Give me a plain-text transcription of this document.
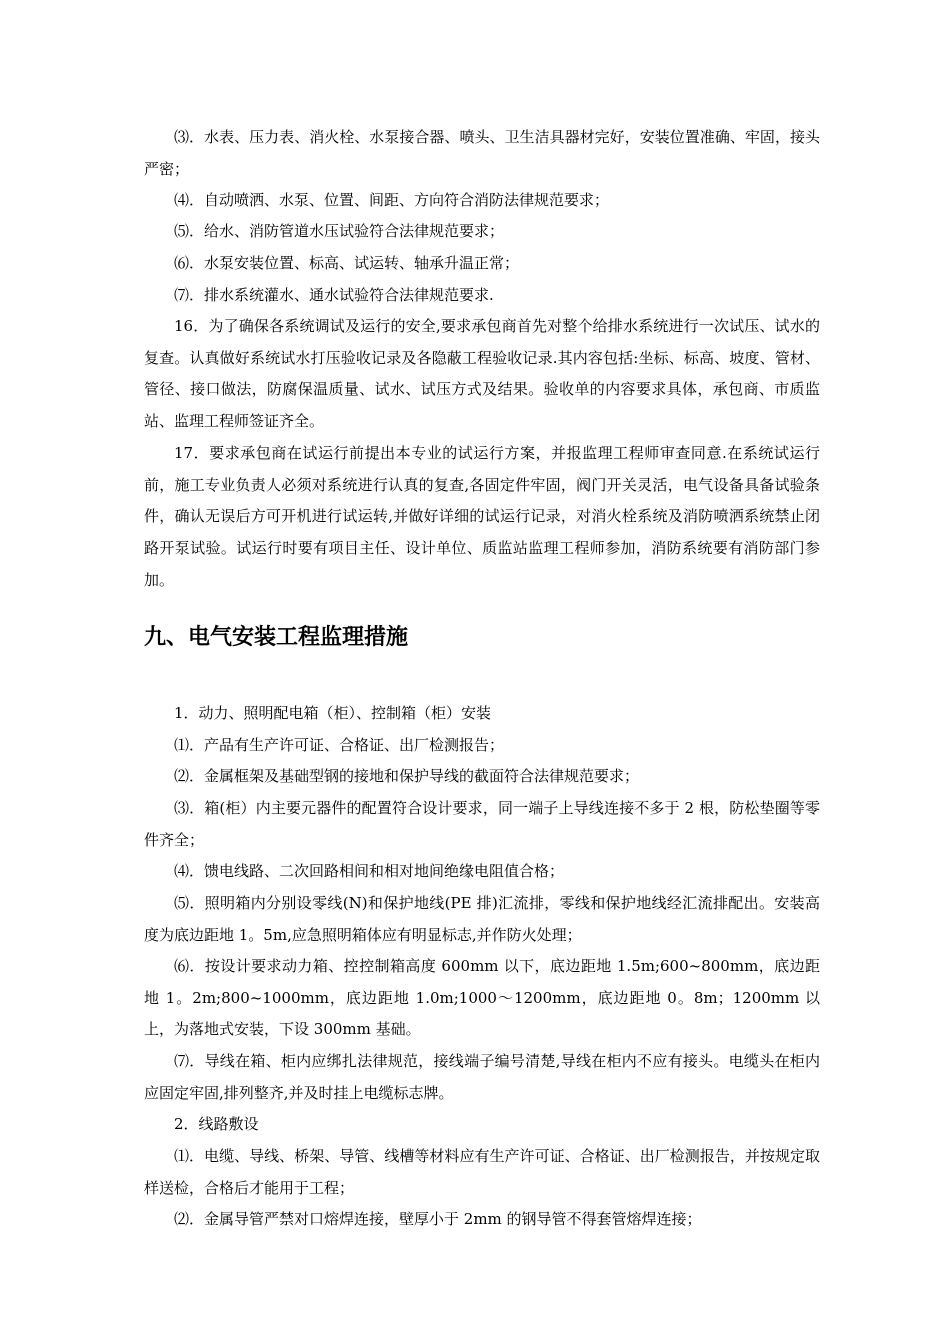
⑶．水表、压力表、消火栓、水泵接合器、喷头、卫生洁具器材完好，安装位置准确、牢固，接头严密；

⑷．自动喷洒、水泵、位置、间距、方向符合消防法律规范要求；

⑸．给水、消防管道水压试验符合法律规范要求；

⑹．水泵安装位置、标高、试运转、轴承升温正常；

⑺．排水系统灌水、通水试验符合法律规范要求.

16．为了确保各系统调试及运行的安全,要求承包商首先对整个给排水系统进行一次试压、试水的复查。认真做好系统试水打压验收记录及各隐蔽工程验收记录.其内容包括:坐标、标高、坡度、管材、管径、接口做法，防腐保温质量、试水、试压方式及结果。验收单的内容要求具体，承包商、市质监站、监理工程师签证齐全。

17．要求承包商在试运行前提出本专业的试运行方案，并报监理工程师审查同意.在系统试运行前，施工专业负责人必须对系统进行认真的复查,各固定件牢固，阀门开关灵活，电气设备具备试验条件，确认无误后方可开机进行试运转,并做好详细的试运行记录，对消火栓系统及消防喷洒系统禁止闭路开泵试验。试运行时要有项目主任、设计单位、质监站监理工程师参加，消防系统要有消防部门参加。

九、电气安装工程监理措施

1．动力、照明配电箱（柜）、控制箱（柜）安装

⑴．产品有生产许可证、合格证、出厂检测报告；

⑵．金属框架及基础型钢的接地和保护导线的截面符合法律规范要求；

⑶．箱(柜）内主要元器件的配置符合设计要求，同一端子上导线连接不多于 2 根，防松垫圈等零件齐全；

⑷．馈电线路、二次回路相间和相对地间绝缘电阻值合格；

⑸．照明箱内分别设零线(N)和保护地线(PE 排)汇流排，零线和保护地线经汇流排配出。安装高度为底边距地 1。5m,应急照明箱体应有明显标志,并作防火处理；

⑹．按设计要求动力箱、控控制箱高度 600mm 以下，底边距地 1.5m;600~800mm，底边距地 1。2m;800~1000mm，底边距地 1.0m;1000～1200mm，底边距地 0。8m；1200mm 以上，为落地式安装，下设 300mm 基础。

⑺．导线在箱、柜内应绑扎法律规范，接线端子编号清楚,导线在柜内不应有接头。电缆头在柜内应固定牢固,排列整齐,并及时挂上电缆标志牌。

2．线路敷设

⑴．电缆、导线、桥架、导管、线槽等材料应有生产许可证、合格证、出厂检测报告，并按规定取样送检，合格后才能用于工程；

⑵．金属导管严禁对口熔焊连接，壁厚小于 2mm 的钢导管不得套管熔焊连接；
